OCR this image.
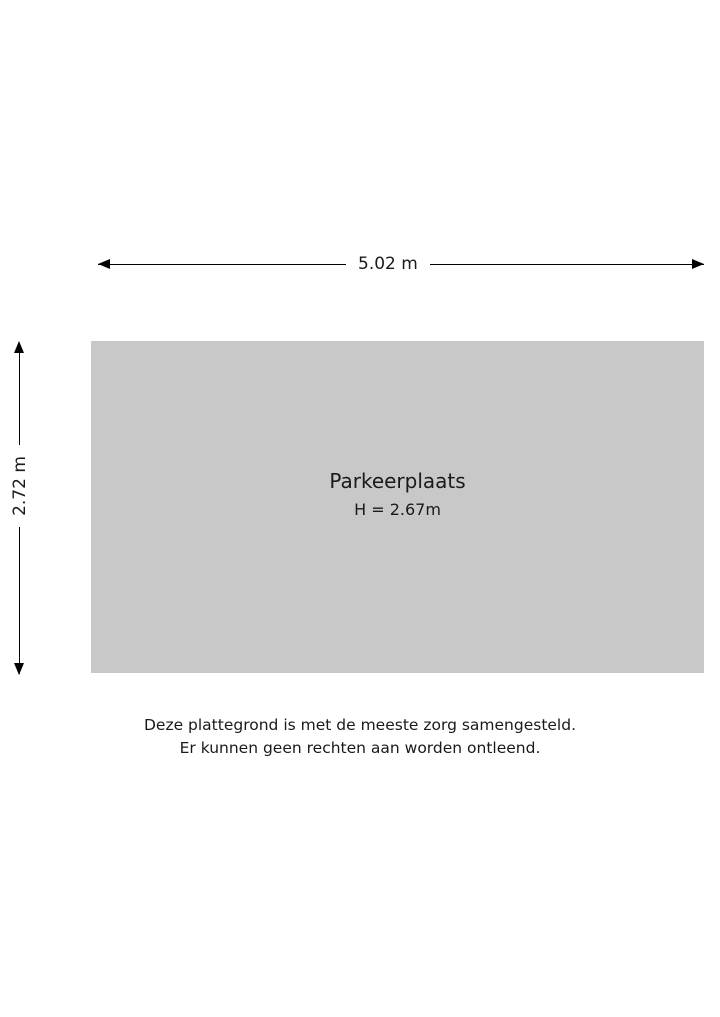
5.02 m
2.72 m	Parkeerplaats
H = 2.67m
Deze plattegrond is met de meeste zorg samengesteld.
Er kunnen geen rechten aan worden ontleend.
